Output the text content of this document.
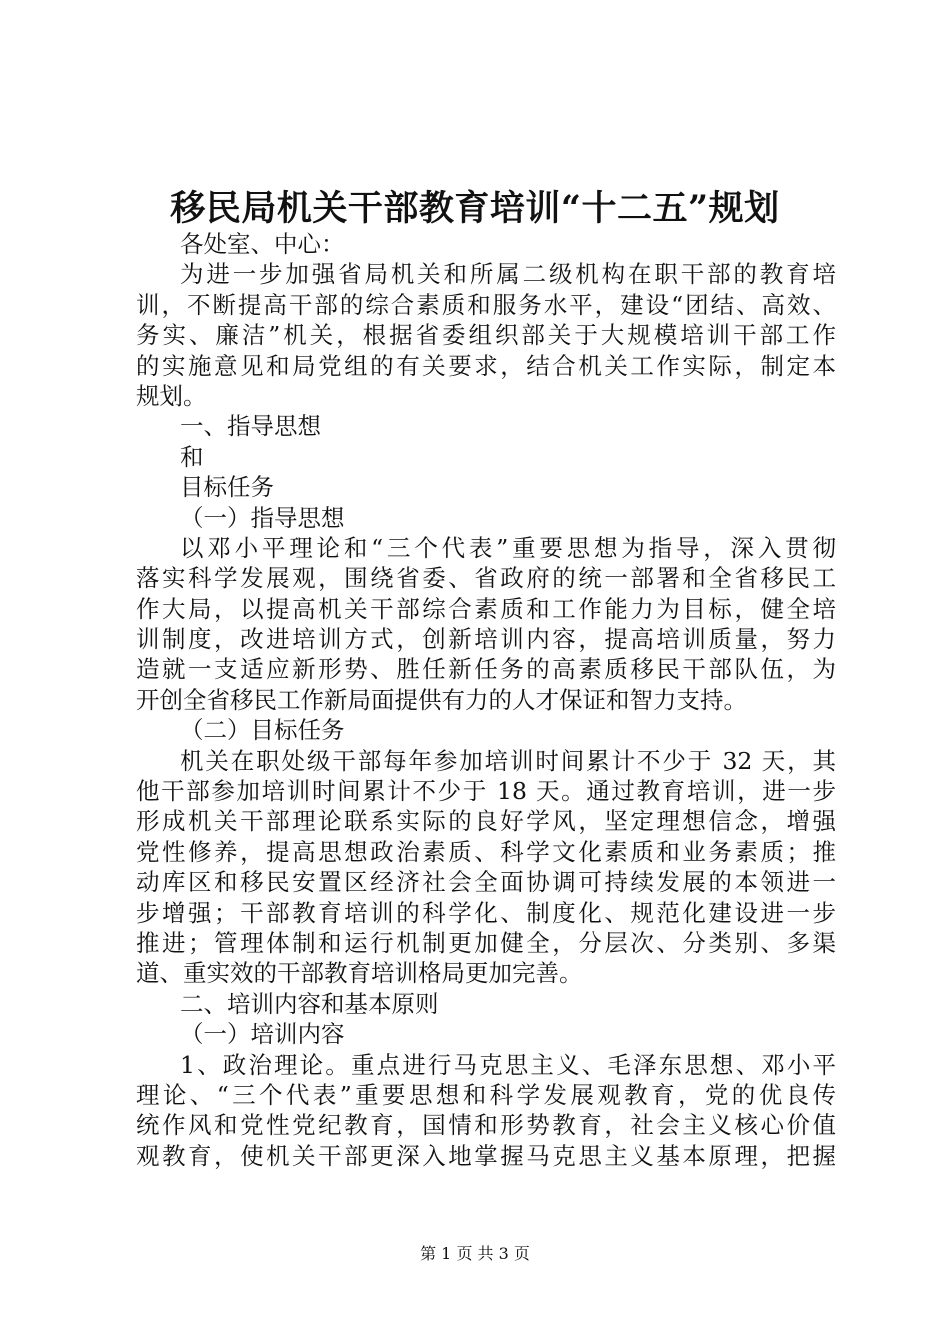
移民局机关干部教育培训“十二五”规划
各处室、中心：
为进一步加强省局机关和所属二级机构在职干部的教育培
训，不断提高干部的综合素质和服务水平，建设“团结、高效、
务实、廉洁”机关，根据省委组织部关于大规模培训干部工作
的实施意见和局党组的有关要求，结合机关工作实际，制定本
规划。
一、指导思想
和
目标任务
（一）指导思想
以邓小平理论和“三个代表”重要思想为指导，深入贯彻
落实科学发展观，围绕省委、省政府的统一部署和全省移民工
作大局，以提高机关干部综合素质和工作能力为目标，健全培
训制度，改进培训方式，创新培训内容，提高培训质量，努力
造就一支适应新形势、胜任新任务的高素质移民干部队伍，为
开创全省移民工作新局面提供有力的人才保证和智力支持。
（二）目标任务
机关在职处级干部每年参加培训时间累计不少于 32 天，其
他干部参加培训时间累计不少于 18 天。通过教育培训，进一步
形成机关干部理论联系实际的良好学风，坚定理想信念，增强
党性修养，提高思想政治素质、科学文化素质和业务素质；推
动库区和移民安置区经济社会全面协调可持续发展的本领进一
步增强；干部教育培训的科学化、制度化、规范化建设进一步
推进；管理体制和运行机制更加健全，分层次、分类别、多渠
道、重实效的干部教育培训格局更加完善。
二、培训内容和基本原则
（一）培训内容
1、政治理论。重点进行马克思主义、毛泽东思想、邓小平
理论、“三个代表”重要思想和科学发展观教育，党的优良传
统作风和党性党纪教育，国情和形势教育，社会主义核心价值
观教育，使机关干部更深入地掌握马克思主义基本原理，把握
第 1 页 共 3 页
